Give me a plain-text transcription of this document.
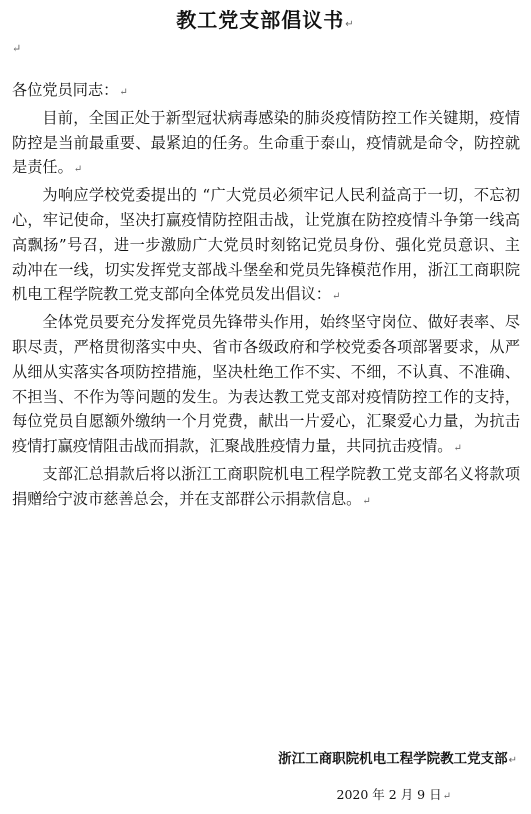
教工党支部倡议书↵
↵

各位党员同志：↵

目前，全国正处于新型冠状病毒感染的肺炎疫情防控工作关键期，疫情防控是当前最重要、最紧迫的任务。生命重于泰山，疫情就是命令，防控就是责任。↵

为响应学校党委提出的 “广大党员必须牢记人民利益高于一切，不忘初心，牢记使命，坚决打赢疫情防控阻击战，让党旗在防控疫情斗争第一线高高飘扬”号召，进一步激励广大党员时刻铭记党员身份、强化党员意识、主动冲在一线，切实发挥党支部战斗堡垒和党员先锋模范作用，浙江工商职院机电工程学院教工党支部向全体党员发出倡议：↵

全体党员要充分发挥党员先锋带头作用，始终坚守岗位、做好表率、尽职尽责，严格贯彻落实中央、省市各级政府和学校党委各项部署要求，从严从细从实落实各项防控措施，坚决杜绝工作不实、不细，不认真、不准确、不担当、不作为等问题的发生。为表达教工党支部对疫情防控工作的支持，每位党员自愿额外缴纳一个月党费，献出一片爱心，汇聚爱心力量，为抗击疫情打赢疫情阻击战而捐款，汇聚战胜疫情力量，共同抗击疫情。↵

支部汇总捐款后将以浙江工商职院机电工程学院教工党支部名义将款项捐赠给宁波市慈善总会，并在支部群公示捐款信息。↵

浙江工商职院机电工程学院教工党支部↵
2020 年 2 月 9 日↵
